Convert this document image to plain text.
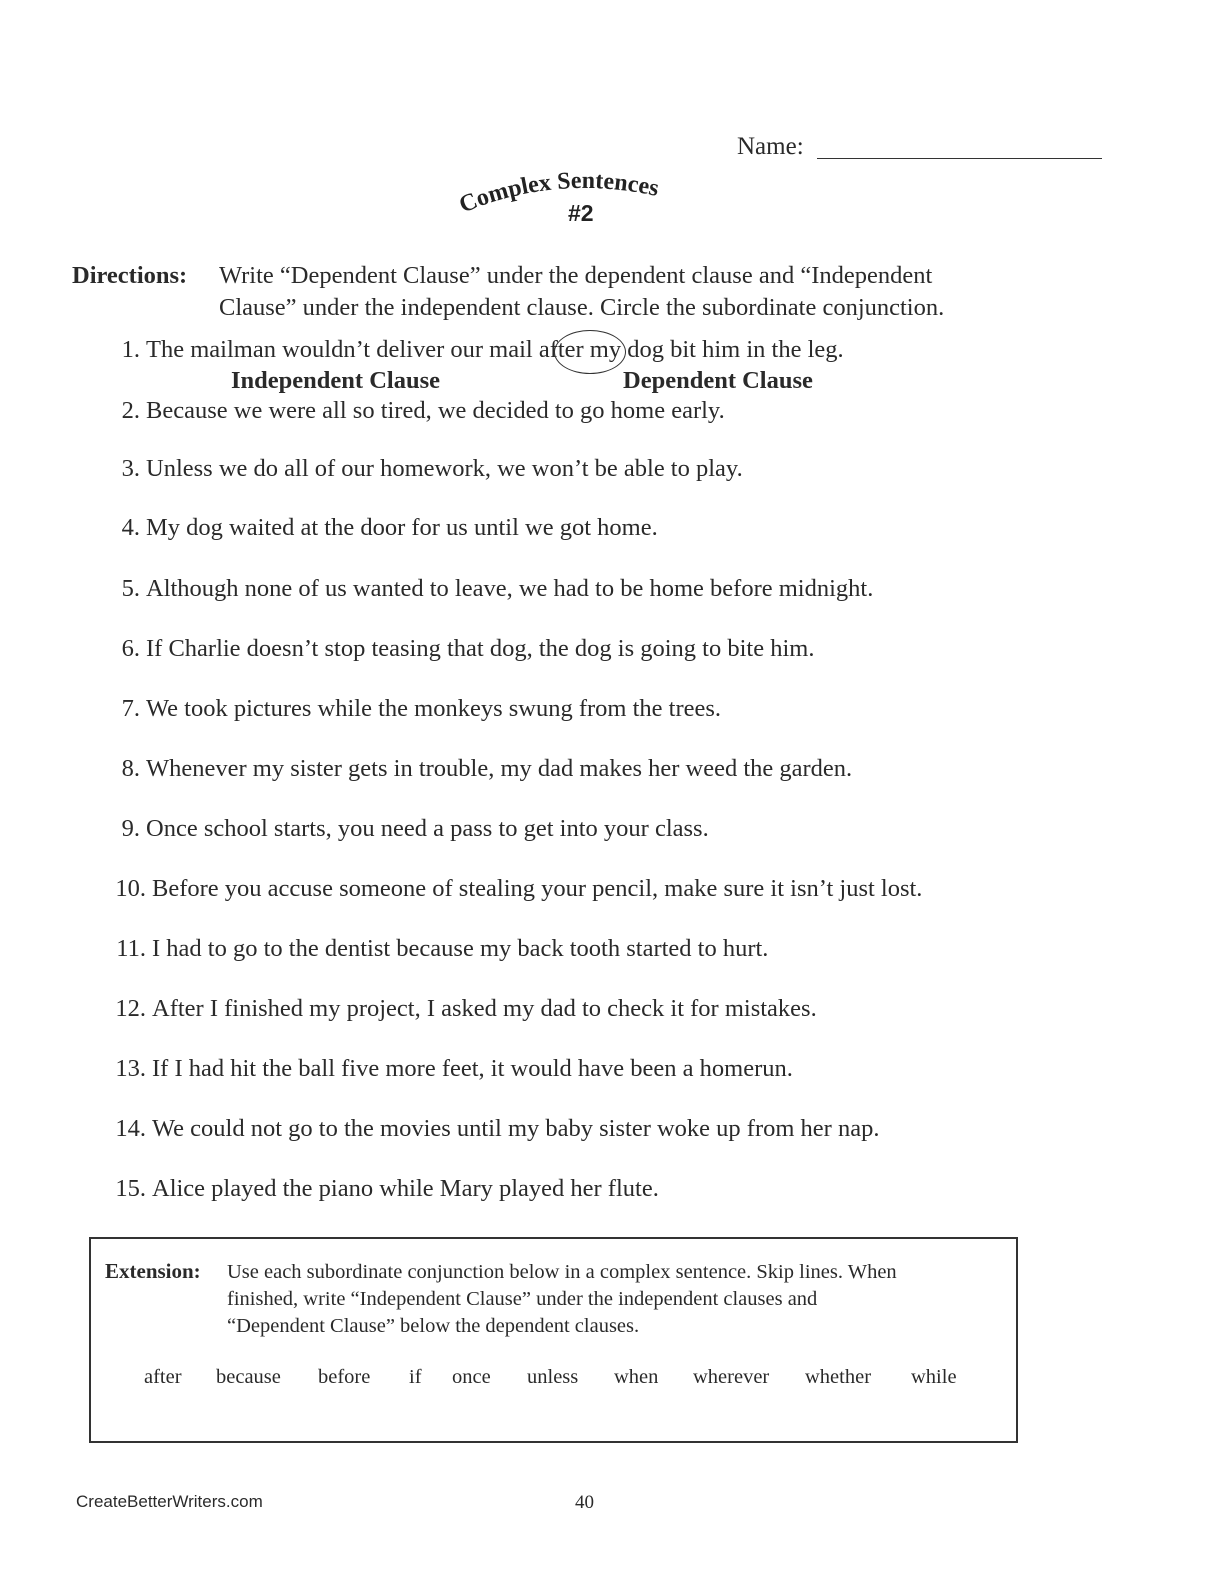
Name:
Complex Sentences
#2
Directions: Write “Dependent Clause” under the dependent clause and “Independent
Clause” under the independent clause. Circle the subordinate conjunction.
1. The mailman wouldn’t deliver our mail after my dog bit him in the leg.
Independent Clause	Dependent Clause
2. Because we were all so tired, we decided to go home early.
3. Unless we do all of our homework, we won’t be able to play.
4. My dog waited at the door for us until we got home.
5. Although none of us wanted to leave, we had to be home before midnight.
6. If Charlie doesn’t stop teasing that dog, the dog is going to bite him.
7. We took pictures while the monkeys swung from the trees.
8. Whenever my sister gets in trouble, my dad makes her weed the garden.
9. Once school starts, you need a pass to get into your class.
10. Before you accuse someone of stealing your pencil, make sure it isn’t just lost.
11. I had to go to the dentist because my back tooth started to hurt.
12. After I finished my project, I asked my dad to check it for mistakes.
13. If I had hit the ball five more feet, it would have been a homerun.
14. We could not go to the movies until my baby sister woke up from her nap.
15. Alice played the piano while Mary played her flute.
Extension: Use each subordinate conjunction below in a complex sentence. Skip lines. When
finished, write “Independent Clause” under the independent clauses and
“Dependent Clause” below the dependent clauses.
after because before if once unless when wherever whether while
CreateBetterWriters.com	40
